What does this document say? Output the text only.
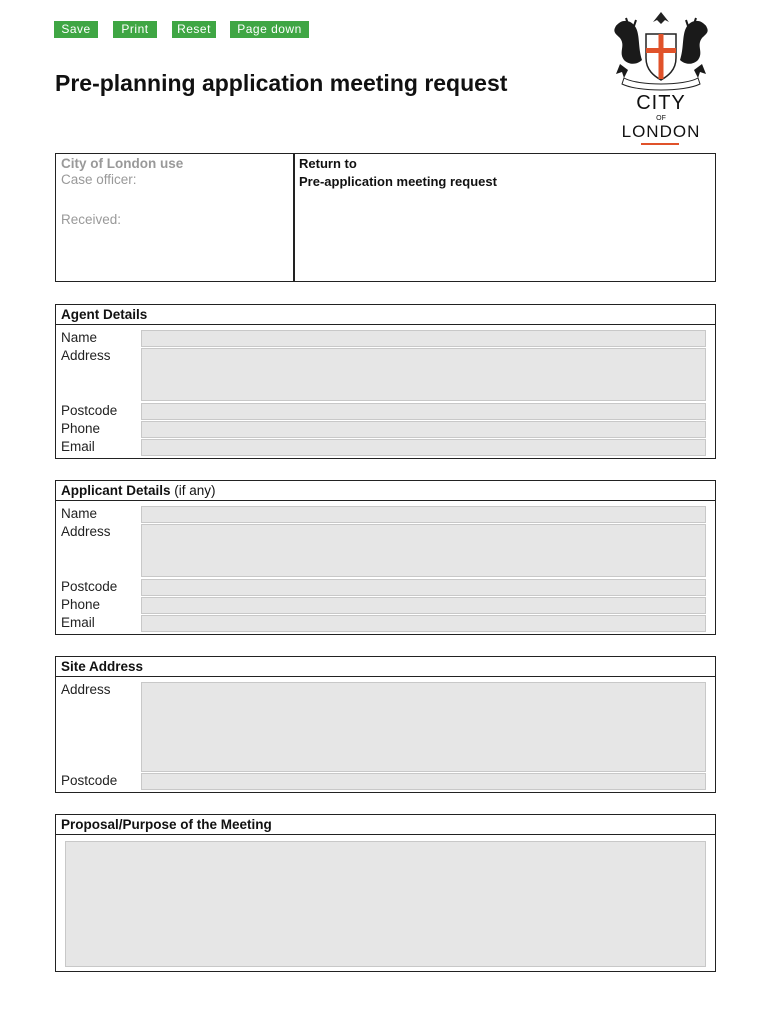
Save	Print	Reset	Page down
Pre-planning application meeting request
CITY
OF
LONDON
City of London use
Case officer:
Received:
Return to
Pre-application meeting request
Agent Details
Name
Address
Postcode
Phone
Email
Applicant Details (if any)
Name
Address
Postcode
Phone
Email
Site Address
Address
Postcode
Proposal/Purpose of the Meeting
